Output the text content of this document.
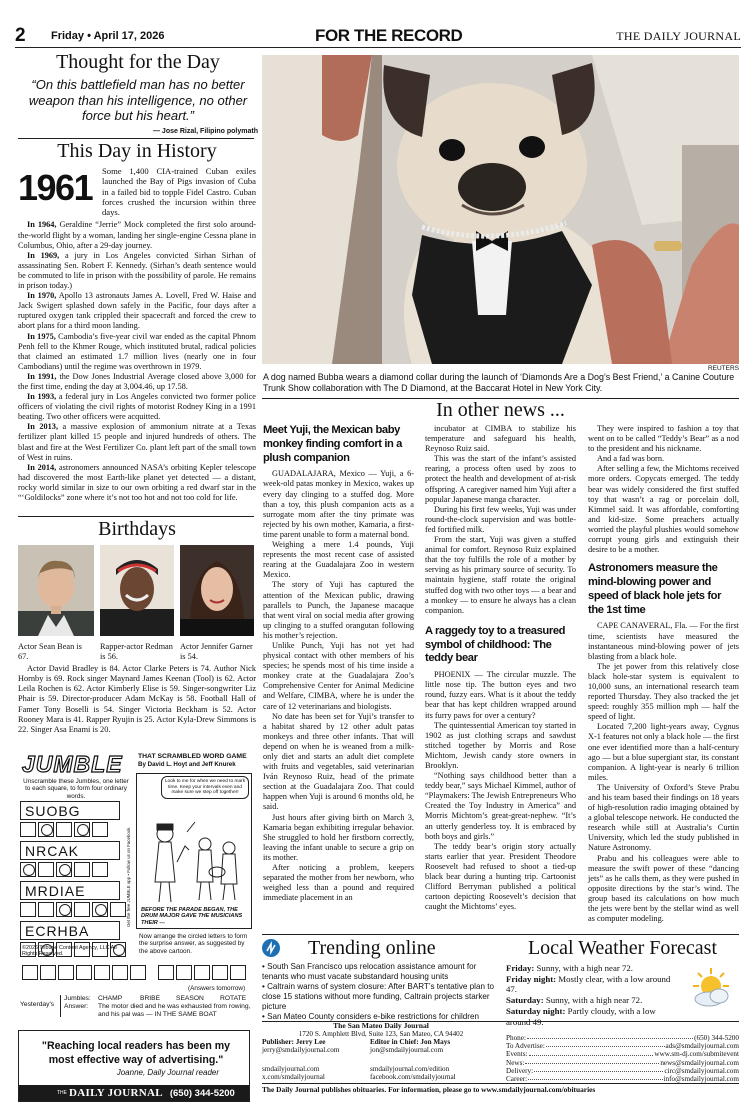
2 Friday • April 17, 2026	FOR THE RECORD	THE DAILY JOURNAL
Thought for the Day
“On this battlefield man has no better weapon than his intelligence, no other force but his heart.”
— Jose Rizal, Filipino polymath
This Day in History
1961	Some 1,400 CIA-trained Cuban exiles launched the Bay of Pigs invasion of Cuba in a failed bid to topple Fidel Castro. Cuban forces crushed the incursion within three days.

In 1964, Geraldine “Jerrie” Mock completed the first solo around-the-world flight by a woman, landing her single-engine Cessna plane in Columbus, Ohio, after a 29-day journey.

In 1969, a jury in Los Angeles convicted Sirhan Sirhan of assassinating Sen. Robert F. Kennedy. (Sirhan’s death sentence would be commuted to life in prison with the possibility of parole. He remains in prison today.)

In 1970, Apollo 13 astronauts James A. Lovell, Fred W. Haise and Jack Swigert splashed down safely in the Pacific, four days after a ruptured oxygen tank crippled their spacecraft and forced the crew to abort plans for a third moon landing.

In 1975, Cambodia’s five-year civil war ended as the capital Phnom Penh fell to the Khmer Rouge, which instituted brutal, radical policies that claimed an estimated 1.7 million lives (nearly one in four Cambodians) until the regime was overthrown in 1979.

In 1991, the Dow Jones Industrial Average closed above 3,000 for the first time, ending the day at 3,004.46, up 17.58.

In 1993, a federal jury in Los Angeles convicted two former police officers of violating the civil rights of motorist Rodney King in a 1991 beating. Two other officers were acquitted.

In 2013, a massive explosion of ammonium nitrate at a Texas fertilizer plant killed 15 people and injured hundreds of others. The blast and fire at the West Fertilizer Co. plant left part of the small town of West in ruins.

In 2014, astronomers announced NASA’s orbiting Kepler telescope had discovered the most Earth-like planet yet detected — a distant, rocky world similar in size to our own orbiting a red dwarf star in the “‘Goldilocks” zone where it’s not too hot and not too cold for life.

Birthdays
Actor Sean Bean is 67.
Rapper-actor Redman is 56.
Actor Jennifer Garner is 54.
Actor David Bradley is 84. Actor Clarke Peters is 74. Author Nick Hornby is 69. Rock singer Maynard James Keenan (Tool) is 62. Actor Leila Rochen is 62. Actor Kimberly Elise is 59. Singer-songwriter Liz Phair is 59. Director-producer Adam McKay is 58. Football Hall of Famer Tony Boselli is 54. Singer Victoria Beckham is 52. Actor Rooney Mara is 41. Rapper Ryujin is 25. Actor Kyla-Drew Simmons is 22. Singer Asa Enami is 20.
JUMBLE THAT SCRAMBLED WORD GAME
By David L. Hoyt and Jeff Knurek
Unscramble these Jumbles, one letter to each square, to form four ordinary words.
SUOBG
NRCAK
MRDIAE
ECRHBA
Look to me for when we need to mark time. Keep your intervals even and make sure we step off together!
BEFORE THE PARADE BEGAN, THE DRUM MAJOR GAVE THE MUSICIANS THEIR ---
Get the free JUMBLE app • Follow us on Facebook
©2026 Tribune Content Agency, LLC All Rights Reserved.
Now arrange the circled letters to form the surprise answer, as suggested by the above cartoon.
(Answers tomorrow)
Yesterday's
Jumbles: CHAMP	BRIBE SEASON ROTATE
Answer: The motor died and he was exhausted from rowing, and his pal was — IN THE SAME BOAT
"Reaching local readers has been my most effective way of advertising."
Joanne, Daily Journal reader
THE DAILY JOURNAL (650) 344-5200
REUTERS
A dog named Bubba wears a diamond collar during the launch of ‘Diamonds Are a Dog’s Best Friend,’ a Canine Couture Trunk Show collaboration with The D Diamond, at the Baccarat Hotel in New York City.
In other news ...
Meet Yuji, the Mexican baby monkey finding comfort in a plush companion

GUADALAJARA, Mexico — Yuji, a 6-week-old patas monkey in Mexico, wakes up every day clinging to a stuffed dog. More than a toy, this plush companion acts as a surrogate mom after the tiny primate was rejected by his own mother, Kamaria, a first-time parent unable to form a maternal bond.

Weighing a mere 1.4 pounds, Yuji represents the most recent case of assisted rearing at the Guadalajara Zoo in western Mexico.

The story of Yuji has captured the attention of the Mexican public, drawing parallels to Punch, the Japanese macaque that went viral on social media after growing up clinging to a stuffed orangutan following his mother’s rejection.

Unlike Punch, Yuji has not yet had physical contact with other members of his species; he spends most of his time inside a monkey crate at the Guadalajara Zoo’s Comprehensive Center for Animal Medicine and Welfare, CIMBA, where he is under the care of 12 veterinarians and biologists.

No date has been set for Yuji’s transfer to a habitat shared by 12 other adult patas monkeys and three other infants. That will depend on when he is weaned from a milk-only diet and starts an adult diet complete with fruits and vegetables, said veterinarian Iván Reynoso Ruiz, head of the primate section at the Guadalajara Zoo. That could happen when Yuji is around 6 months old, he said.

Just hours after giving birth on March 3, Kamaria began exhibiting irregular behavior. She struggled to hold her firstborn correctly, leaving the infant unable to secure a grip on its mother.

After noticing a problem, keepers separated the mother from her newborn, who weighed less than a pound and required immediate placement in an

incubator at CIMBA to stabilize his temperature and safeguard his health, Reynoso Ruiz said.

This was the start of the infant’s assisted rearing, a process often used by zoos to protect the health and development of at-risk offspring. A caregiver named him Yuji after a popular Japanese manga character.

During his first few weeks, Yuji was under round-the-clock supervision and was bottle-fed fortified milk.

From the start, Yuji was given a stuffed animal for comfort. Reynoso Ruiz explained that the toy fulfills the role of a mother by serving as his primary source of security. To maintain hygiene, staff rotate the original stuffed dog with two other toys — a bear and a monkey — to ensure he always has a clean companion.

A raggedy toy to a treasured symbol of childhood: The teddy bear

PHOENIX — The circular muzzle. The little nose tip. The button eyes and two round, fuzzy ears. What is it about the teddy bear that has kept children wrapped around its furry paws for over a century?

The quintessential American toy started in 1902 as just clothing scraps and sawdust stitched together by Morris and Rose Michtom, Jewish candy store owners in Brooklyn.

“Nothing says childhood better than a teddy bear,” says Michael Kimmel, author of “Playmakers: The Jewish Entrepreneurs Who Created the Toy Industry in America” and Morris Michtom’s great-great-nephew. “It’s an utterly genderless toy. It is embraced by both boys and girls.”

The teddy bear’s origin story actually starts earlier that year. President Theodore Roosevelt had refused to shoot a tied-up black bear during a hunting trip. Cartoonist Clifford Berryman published a political cartoon depicting Roosevelt’s decision that caught the Michtoms’ eyes.

They were inspired to fashion a toy that went on to be called “Teddy’s Bear” as a nod to the president and his nickname.

And a fad was born.

After selling a few, the Michtoms received more orders. Copycats emerged. The teddy bear was widely considered the first stuffed toy that wasn’t a rag or porcelain doll, Kimmel said. It was affordable, comforting and kid-size. Some preachers actually worried the playful plushies would somehow corrupt young girls and extinguish their desire to be a mother.

Astronomers measure the mind-blowing power and speed of black hole jets for the 1st time

CAPE CANAVERAL, Fla. — For the first time, scientists have measured the instantaneous mind-blowing power of jets blasting from a black hole.

The jet power from this relatively close black hole-star system is equivalent to 10,000 suns, an international research team reported Thursday. They also tracked the jet speed: roughly 355 million mph — half the speed of light.

Located 7,200 light-years away, Cygnus X-1 features not only a black hole — the first one ever identified more than a half-century ago — but a blue supergiant star, its constant companion. A light-year is nearly 6 trillion miles.

The University of Oxford’s Steve Prabu and his team based their findings on 18 years of high-resolution radio imaging obtained by a global telescope network. He conducted the research while still at Australia’s Curtin University, which led the study published in Nature Astronomy.

Prabu and his colleagues were able to measure the swift power of these “dancing jets” as he calls them, as they were pushed in opposite directions by the star’s wind. The group based its calculations on how much the jets were bent by the stellar wind as well as computer modeling.

Trending online

• South San Francisco ups relocation assistance amount for tenants who must vacate substandard housing units

• Caltrain warns of system closure: After BART’s tentative plan to close 15 stations without more funding, Caltrain projects starker picture

• San Mateo County considers e-bike restrictions for children

Local Weather Forecast

Friday: Sunny, with a high near 72.

Friday night: Mostly clear, with a low around 47.

Saturday: Sunny, with a high near 72.

Saturday night: Partly cloudy, with a low around 49.

The San Mateo Daily Journal
1720 S. Amphlett Blvd, Suite 123, San Mateo, CA 94402
Publisher: Jerry Lee
jerry@smdailyjournal.com
Editor in Chief: Jon Mays
jon@smdailyjournal.com
smdailyjournal.com
x.com/smdailyjournal
smdailyjournal.com/edition
facebook.com/smdailyjournal
Phone:	(650) 344-5200
To Advertise:	ads@smdailyjournal.com
Events:	www.sm-dj.com/submitevent
News:	news@smdailyjournal.com
Delivery:	circ@smdailyjournal.com
Career:	info@smdailyjournal.com
The Daily Journal publishes obituaries. For information, please go to www.smdailyjournal.com/obituaries
